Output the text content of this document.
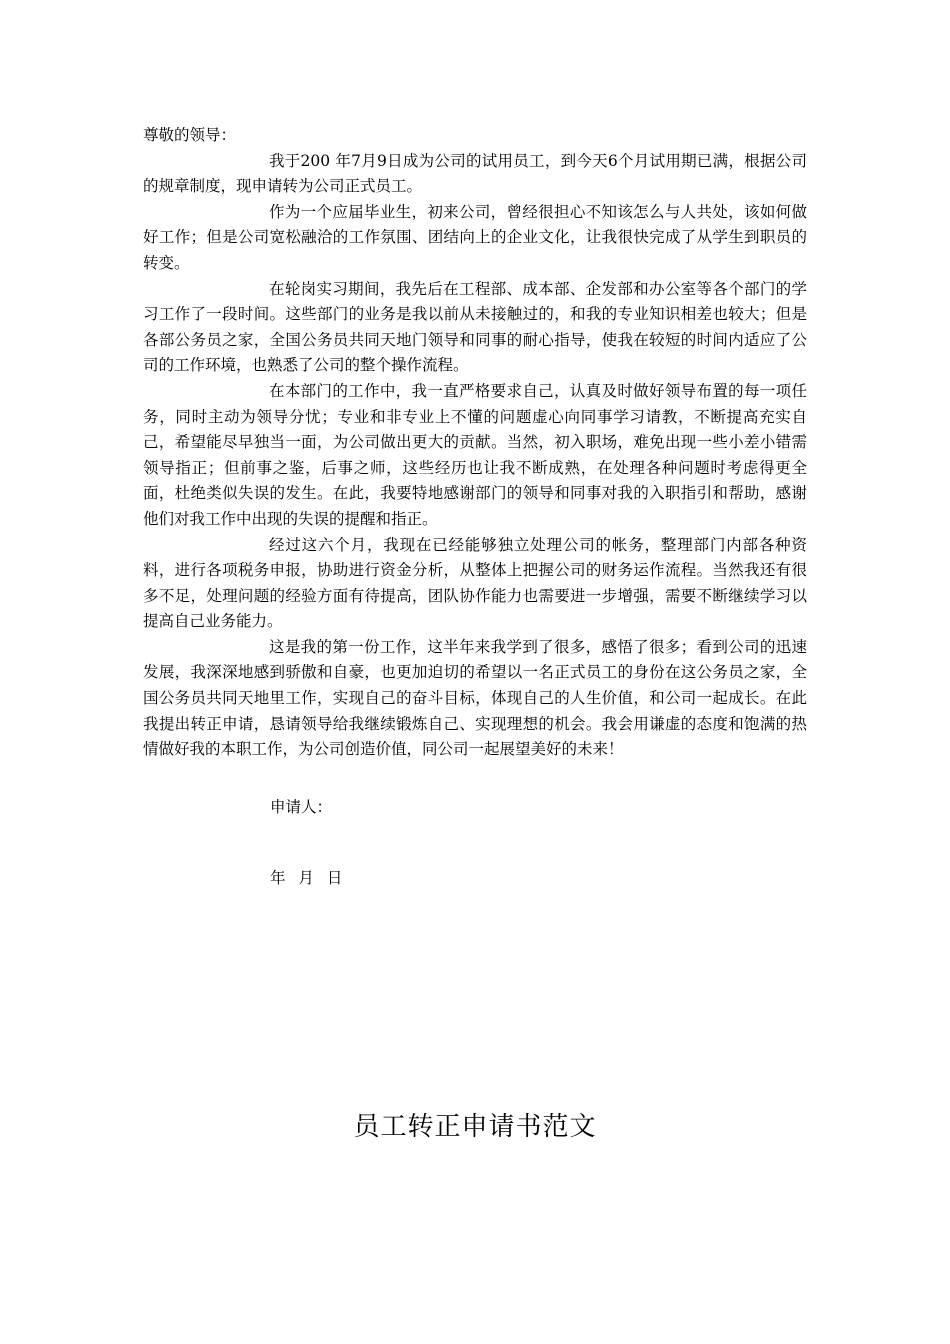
尊敬的领导：

我于200 年7月9日成为公司的试用员工，到今天6个月试用期已满，根据公司的规章制度，现申请转为公司正式员工。

作为一个应届毕业生，初来公司，曾经很担心不知该怎么与人共处，该如何做好工作；但是公司宽松融洽的工作氛围、团结向上的企业文化，让我很快完成了从学生到职员的转变。

在轮岗实习期间，我先后在工程部、成本部、企发部和办公室等各个部门的学习工作了一段时间。这些部门的业务是我以前从未接触过的，和我的专业知识相差也较大；但是各部公务员之家，全国公务员共同天地门领导和同事的耐心指导，使我在较短的时间内适应了公司的工作环境，也熟悉了公司的整个操作流程。

在本部门的工作中，我一直严格要求自己，认真及时做好领导布置的每一项任务，同时主动为领导分忧；专业和非专业上不懂的问题虚心向同事学习请教，不断提高充实自己，希望能尽早独当一面，为公司做出更大的贡献。当然，初入职场，难免出现一些小差小错需领导指正；但前事之鉴，后事之师，这些经历也让我不断成熟，在处理各种问题时考虑得更全面，杜绝类似失误的发生。在此，我要特地感谢部门的领导和同事对我的入职指引和帮助，感谢他们对我工作中出现的失误的提醒和指正。

经过这六个月，我现在已经能够独立处理公司的帐务，整理部门内部各种资料，进行各项税务申报，协助进行资金分析，从整体上把握公司的财务运作流程。当然我还有很多不足，处理问题的经验方面有待提高，团队协作能力也需要进一步增强，需要不断继续学习以提高自己业务能力。

这是我的第一份工作，这半年来我学到了很多，感悟了很多；看到公司的迅速发展，我深深地感到骄傲和自豪，也更加迫切的希望以一名正式员工的身份在这公务员之家，全国公务员共同天地里工作，实现自己的奋斗目标，体现自己的人生价值，和公司一起成长。在此我提出转正申请，恳请领导给我继续锻炼自己、实现理想的机会。我会用谦虚的态度和饱满的热情做好我的本职工作，为公司创造价值，同公司一起展望美好的未来！

申请人：

年 月 日

员工转正申请书范文
